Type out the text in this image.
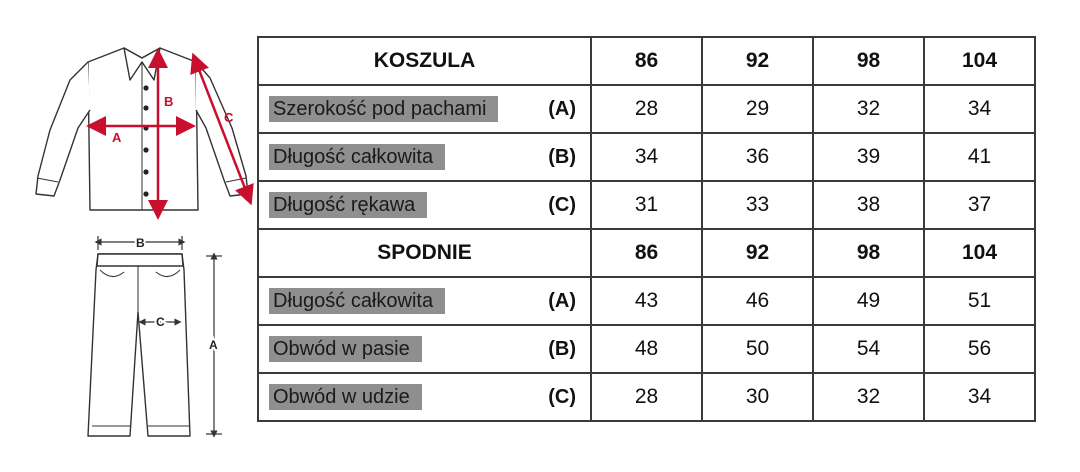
A
B
C
B
A
C
KOSZULA	86	92	98	104

Szerokość pod pachami (A)	28	29	32	34

Długość całkowita (B)	34	36	39	41

Długość rękawa (C)	31	33	38	37
SPODNIE	86	92	98	104

Długość całkowita (A)	43	46	49	51

Obwód w pasie (B)	48	50	54	56

Obwód w udzie (C)	28	30	32	34
